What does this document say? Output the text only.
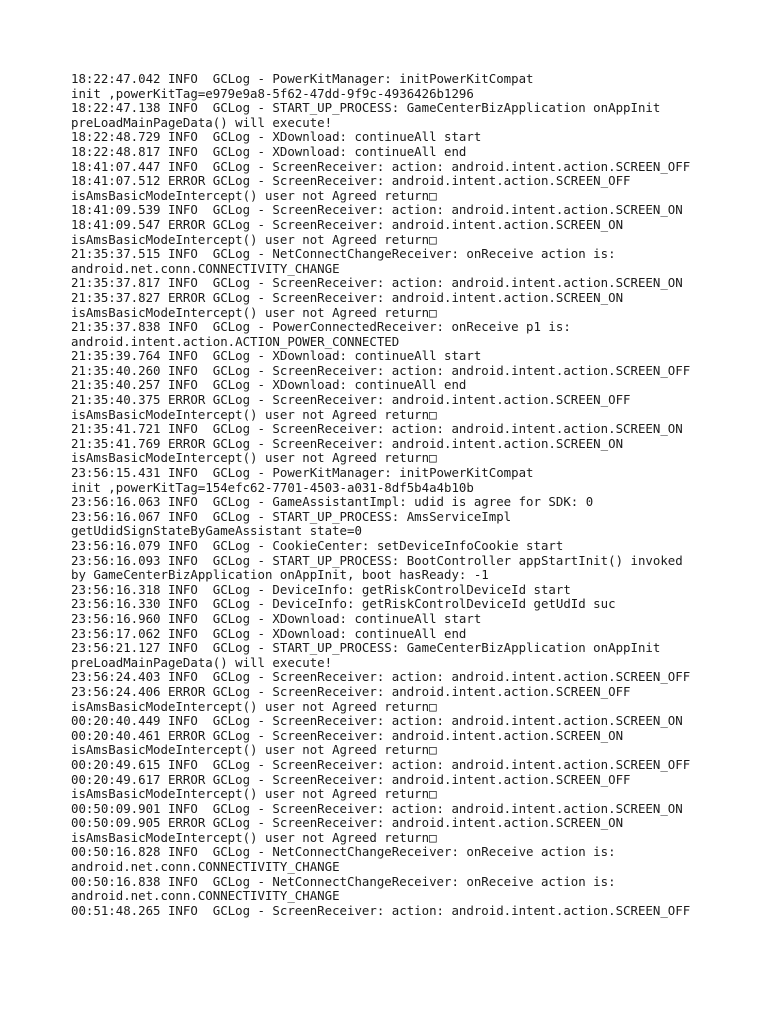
18:22:47.042 INFO  GCLog - PowerKitManager: initPowerKitCompat
init ,powerKitTag=e979e9a8-5f62-47dd-9f9c-4936426b1296
18:22:47.138 INFO  GCLog - START_UP_PROCESS: GameCenterBizApplication onAppInit
preLoadMainPageData() will execute!
18:22:48.729 INFO  GCLog - XDownload: continueAll start
18:22:48.817 INFO  GCLog - XDownload: continueAll end
18:41:07.447 INFO  GCLog - ScreenReceiver: action: android.intent.action.SCREEN_OFF
18:41:07.512 ERROR GCLog - ScreenReceiver: android.intent.action.SCREEN_OFF
isAmsBasicModeIntercept() user not Agreed return□
18:41:09.539 INFO  GCLog - ScreenReceiver: action: android.intent.action.SCREEN_ON
18:41:09.547 ERROR GCLog - ScreenReceiver: android.intent.action.SCREEN_ON
isAmsBasicModeIntercept() user not Agreed return□
21:35:37.515 INFO  GCLog - NetConnectChangeReceiver: onReceive action is:
android.net.conn.CONNECTIVITY_CHANGE
21:35:37.817 INFO  GCLog - ScreenReceiver: action: android.intent.action.SCREEN_ON
21:35:37.827 ERROR GCLog - ScreenReceiver: android.intent.action.SCREEN_ON
isAmsBasicModeIntercept() user not Agreed return□
21:35:37.838 INFO  GCLog - PowerConnectedReceiver: onReceive p1 is:
android.intent.action.ACTION_POWER_CONNECTED
21:35:39.764 INFO  GCLog - XDownload: continueAll start
21:35:40.260 INFO  GCLog - ScreenReceiver: action: android.intent.action.SCREEN_OFF
21:35:40.257 INFO  GCLog - XDownload: continueAll end
21:35:40.375 ERROR GCLog - ScreenReceiver: android.intent.action.SCREEN_OFF
isAmsBasicModeIntercept() user not Agreed return□
21:35:41.721 INFO  GCLog - ScreenReceiver: action: android.intent.action.SCREEN_ON
21:35:41.769 ERROR GCLog - ScreenReceiver: android.intent.action.SCREEN_ON
isAmsBasicModeIntercept() user not Agreed return□
23:56:15.431 INFO  GCLog - PowerKitManager: initPowerKitCompat
init ,powerKitTag=154efc62-7701-4503-a031-8df5b4a4b10b
23:56:16.063 INFO  GCLog - GameAssistantImpl: udid is agree for SDK: 0
23:56:16.067 INFO  GCLog - START_UP_PROCESS: AmsServiceImpl
getUdidSignStateByGameAssistant state=0
23:56:16.079 INFO  GCLog - CookieCenter: setDeviceInfoCookie start
23:56:16.093 INFO  GCLog - START_UP_PROCESS: BootController appStartInit() invoked
by GameCenterBizApplication onAppInit, boot hasReady: -1
23:56:16.318 INFO  GCLog - DeviceInfo: getRiskControlDeviceId start
23:56:16.330 INFO  GCLog - DeviceInfo: getRiskControlDeviceId getUdId suc
23:56:16.960 INFO  GCLog - XDownload: continueAll start
23:56:17.062 INFO  GCLog - XDownload: continueAll end
23:56:21.127 INFO  GCLog - START_UP_PROCESS: GameCenterBizApplication onAppInit
preLoadMainPageData() will execute!
23:56:24.403 INFO  GCLog - ScreenReceiver: action: android.intent.action.SCREEN_OFF
23:56:24.406 ERROR GCLog - ScreenReceiver: android.intent.action.SCREEN_OFF
isAmsBasicModeIntercept() user not Agreed return□
00:20:40.449 INFO  GCLog - ScreenReceiver: action: android.intent.action.SCREEN_ON
00:20:40.461 ERROR GCLog - ScreenReceiver: android.intent.action.SCREEN_ON
isAmsBasicModeIntercept() user not Agreed return□
00:20:49.615 INFO  GCLog - ScreenReceiver: action: android.intent.action.SCREEN_OFF
00:20:49.617 ERROR GCLog - ScreenReceiver: android.intent.action.SCREEN_OFF
isAmsBasicModeIntercept() user not Agreed return□
00:50:09.901 INFO  GCLog - ScreenReceiver: action: android.intent.action.SCREEN_ON
00:50:09.905 ERROR GCLog - ScreenReceiver: android.intent.action.SCREEN_ON
isAmsBasicModeIntercept() user not Agreed return□
00:50:16.828 INFO  GCLog - NetConnectChangeReceiver: onReceive action is:
android.net.conn.CONNECTIVITY_CHANGE
00:50:16.838 INFO  GCLog - NetConnectChangeReceiver: onReceive action is:
android.net.conn.CONNECTIVITY_CHANGE
00:51:48.265 INFO  GCLog - ScreenReceiver: action: android.intent.action.SCREEN_OFF
